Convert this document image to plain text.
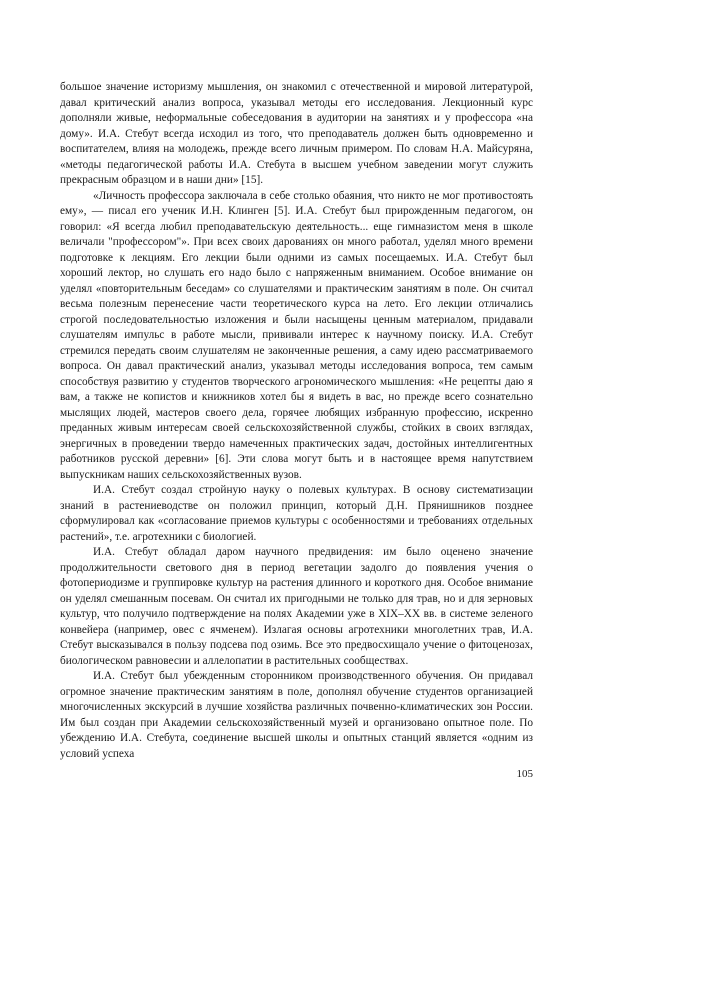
большое значение историзму мышления, он знакомил с отечественной и мировой литературой, давал критический анализ вопроса, указывал методы его исследования. Лекционный курс дополняли живые, неформальные собеседования в аудитории на занятиях и у профессора «на дому». И.А. Стебут всегда исходил из того, что преподаватель должен быть одновременно и воспитателем, влияя на молодежь, прежде всего личным примером. По словам Н.А. Майсуряна, «методы педагогической работы И.А. Стебута в высшем учебном заведении могут служить прекрасным образцом и в наши дни» [15].

«Личность профессора заключала в себе столько обаяния, что никто не мог противостоять ему», — писал его ученик И.Н. Клинген [5]. И.А. Стебут был прирожденным педагогом, он говорил: «Я всегда любил преподавательскую деятельность... еще гимназистом меня в школе величали "профессором"». При всех своих дарованиях он много работал, уделял много времени подготовке к лекциям. Его лекции были одними из самых посещаемых. И.А. Стебут был хороший лектор, но слушать его надо было с напряженным вниманием. Особое внимание он уделял «повторительным беседам» со слушателями и практическим занятиям в поле. Он считал весьма полезным перенесение части теоретического курса на лето. Его лекции отличались строгой последовательностью изложения и были насыщены ценным материалом, придавали слушателям импульс в работе мысли, прививали интерес к научному поиску. И.А. Стебут стремился передать своим слушателям не законченные решения, а саму идею рассматриваемого вопроса. Он давал практический анализ, указывал методы исследования вопроса, тем самым способствуя развитию у студентов творческого агрономического мышления: «Не рецепты даю я вам, а также не копистов и книжников хотел бы я видеть в вас, но прежде всего сознательно мыслящих людей, мастеров своего дела, горячее любящих избранную профессию, искренно преданных живым интересам своей сельскохозяйственной службы, стойких в своих взглядах, энергичных в проведении твердо намеченных практических задач, достойных интеллигентных работников русской деревни» [6]. Эти слова могут быть и в настоящее время напутствием выпускникам наших сельскохозяйственных вузов.

И.А. Стебут создал стройную науку о полевых культурах. В основу систематизации знаний в растениеводстве он положил принцип, который Д.Н. Прянишников позднее сформулировал как «согласование приемов культуры с особенностями и требованиях отдельных растений», т.е. агротехники с биологией.

И.А. Стебут обладал даром научного предвидения: им было оценено значение продолжительности светового дня в период вегетации задолго до появления учения о фотопериодизме и группировке культур на растения длинного и короткого дня. Особое внимание он уделял смешанным посевам. Он считал их пригодными не только для трав, но и для зерновых культур, что получило подтверждение на полях Академии уже в XIX–XX вв. в системе зеленого конвейера (например, овес с ячменем). Излагая основы агротехники многолетних трав, И.А. Стебут высказывался в пользу подсева под озимь. Все это предвосхищало учение о фитоценозах, биологическом равновесии и аллелопатии в растительных сообществах.

И.А. Стебут был убежденным сторонником производственного обучения. Он придавал огромное значение практическим занятиям в поле, дополнял обучение студентов организацией многочисленных экскурсий в лучшие хозяйства различных почвенно-климатических зон России. Им был создан при Академии сельскохозяйственный музей и организовано опытное поле. По убеждению И.А. Стебута, соединение высшей школы и опытных станций является «одним из условий успеха

105
